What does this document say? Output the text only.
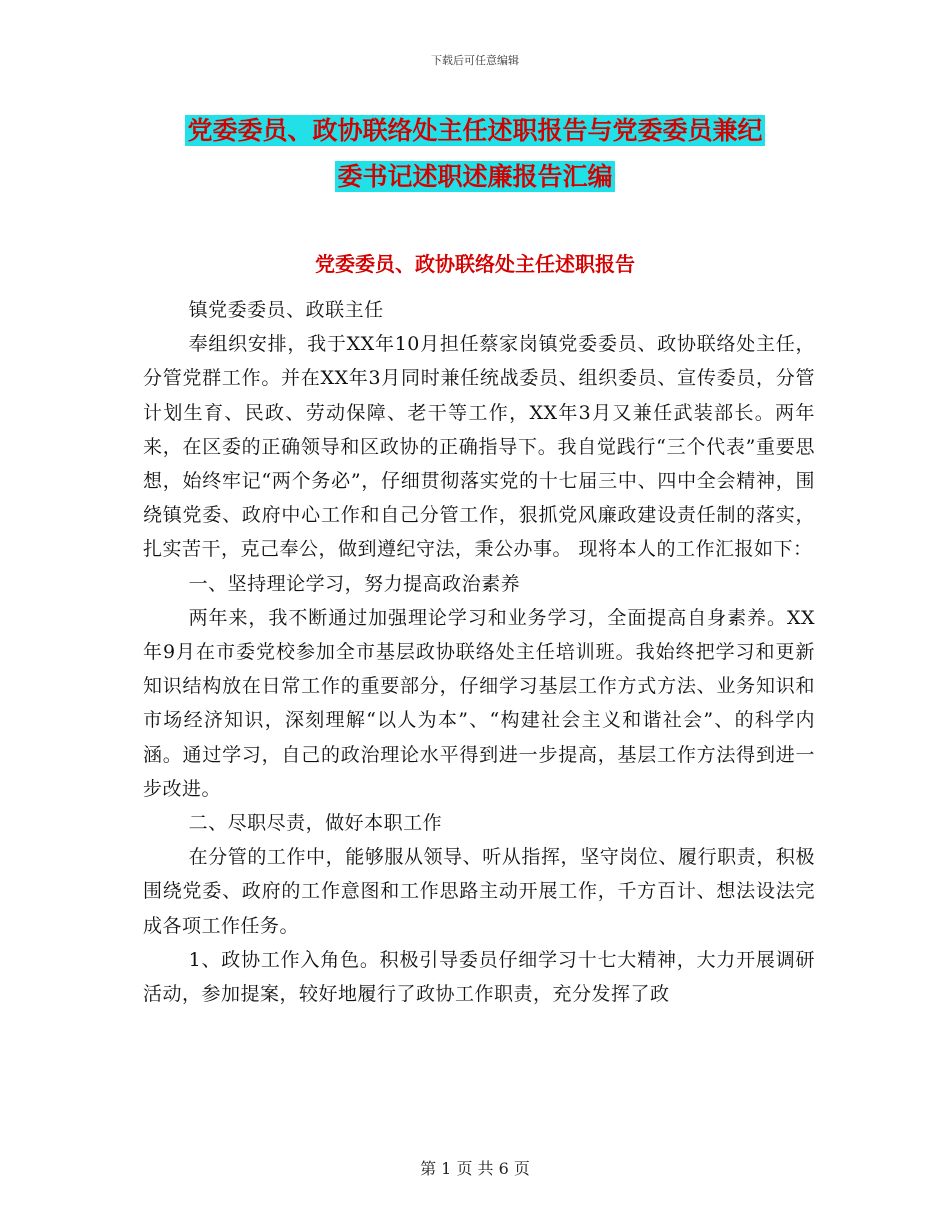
下载后可任意编辑
党委委员、政协联络处主任述职报告与党委委员兼纪
委书记述职述廉报告汇编
党委委员、政协联络处主任述职报告

镇党委委员、政联主任

奉组织安排，我于XX年10月担任蔡家岗镇党委委员、政协联络处主任，分管党群工作。并在XX年3月同时兼任统战委员、组织委员、宣传委员，分管计划生育、民政、劳动保障、老干等工作，XX年3月又兼任武装部长。两年来，在区委的正确领导和区政协的正确指导下。我自觉践行“三个代表”重要思想，始终牢记“两个务必”，仔细贯彻落实党的十七届三中、四中全会精神，围绕镇党委、政府中心工作和自己分管工作，狠抓党风廉政建设责任制的落实，扎实苦干，克己奉公，做到遵纪守法，秉公办事。 现将本人的工作汇报如下：

一、坚持理论学习，努力提高政治素养

两年来，我不断通过加强理论学习和业务学习，全面提高自身素养。XX年9月在市委党校参加全市基层政协联络处主任培训班。我始终把学习和更新知识结构放在日常工作的重要部分，仔细学习基层工作方式方法、业务知识和市场经济知识，深刻理解“以人为本”、“构建社会主义和谐社会”、的科学内涵。通过学习，自己的政治理论水平得到进一步提高，基层工作方法得到进一步改进。

二、尽职尽责，做好本职工作

在分管的工作中，能够服从领导、听从指挥，坚守岗位、履行职责，积极围绕党委、政府的工作意图和工作思路主动开展工作，千方百计、想法设法完成各项工作任务。

1、政协工作入角色。积极引导委员仔细学习十七大精神，大力开展调研活动，参加提案，较好地履行了政协工作职责，充分发挥了政

第 1 页 共 6 页
